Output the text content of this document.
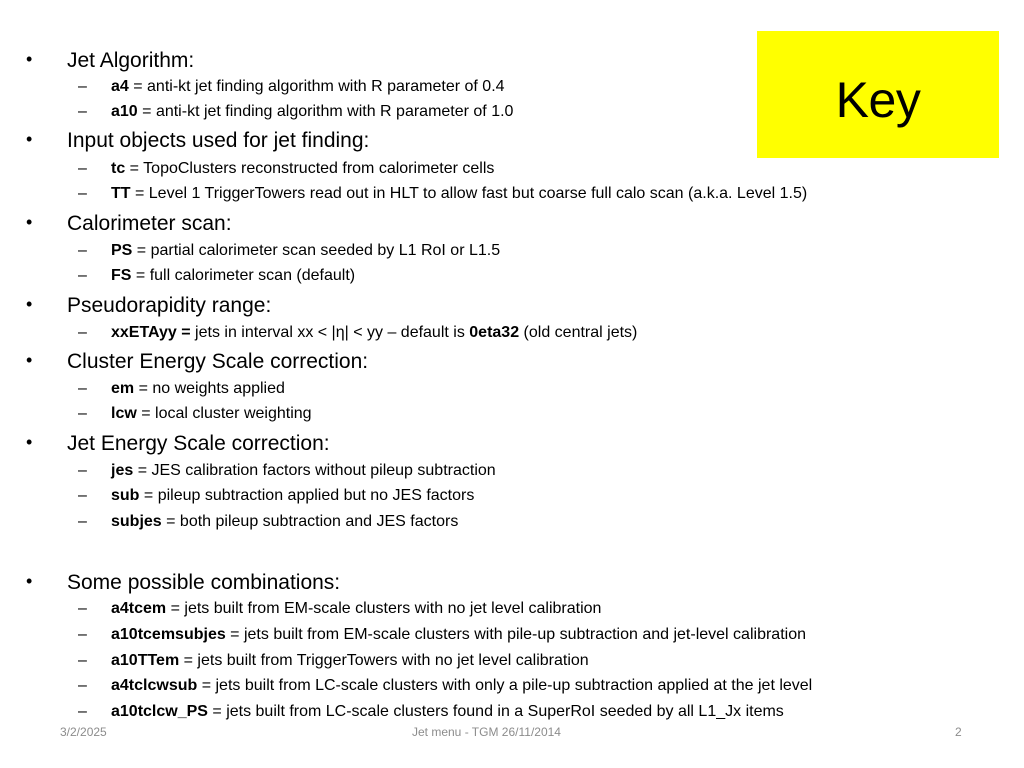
Key
• Jet Algorithm:
– a4 = anti-kt jet finding algorithm with R parameter of 0.4
– a10 = anti-kt jet finding algorithm with R parameter of 1.0
• Input objects used for jet finding:
– tc = TopoClusters reconstructed from calorimeter cells
– TT = Level 1 TriggerTowers read out in HLT to allow fast but coarse full calo scan (a.k.a. Level 1.5)
• Calorimeter scan:
– PS = partial calorimeter scan seeded by L1 RoI or L1.5
– FS = full calorimeter scan (default)
• Pseudorapidity range:
– xxETAyy = jets in interval xx < |η| < yy – default is 0eta32 (old central jets)
• Cluster Energy Scale correction:
– em = no weights applied
– lcw = local cluster weighting
• Jet Energy Scale correction:
– jes = JES calibration factors without pileup subtraction
– sub = pileup subtraction applied but no JES factors
– subjes = both pileup subtraction and JES factors
• Some possible combinations:
– a4tcem = jets built from EM-scale clusters with no jet level calibration
– a10tcemsubjes = jets built from EM-scale clusters with pile-up subtraction and jet-level calibration
– a10TTem = jets built from TriggerTowers with no jet level calibration
– a4tclcwsub = jets built from LC-scale clusters with only a pile-up subtraction applied at the jet level
– a10tclcw_PS = jets built from LC-scale clusters found in a SuperRoI seeded by all L1_Jx items
3/2/2025	Jet menu - TGM 26/11/2014	2
